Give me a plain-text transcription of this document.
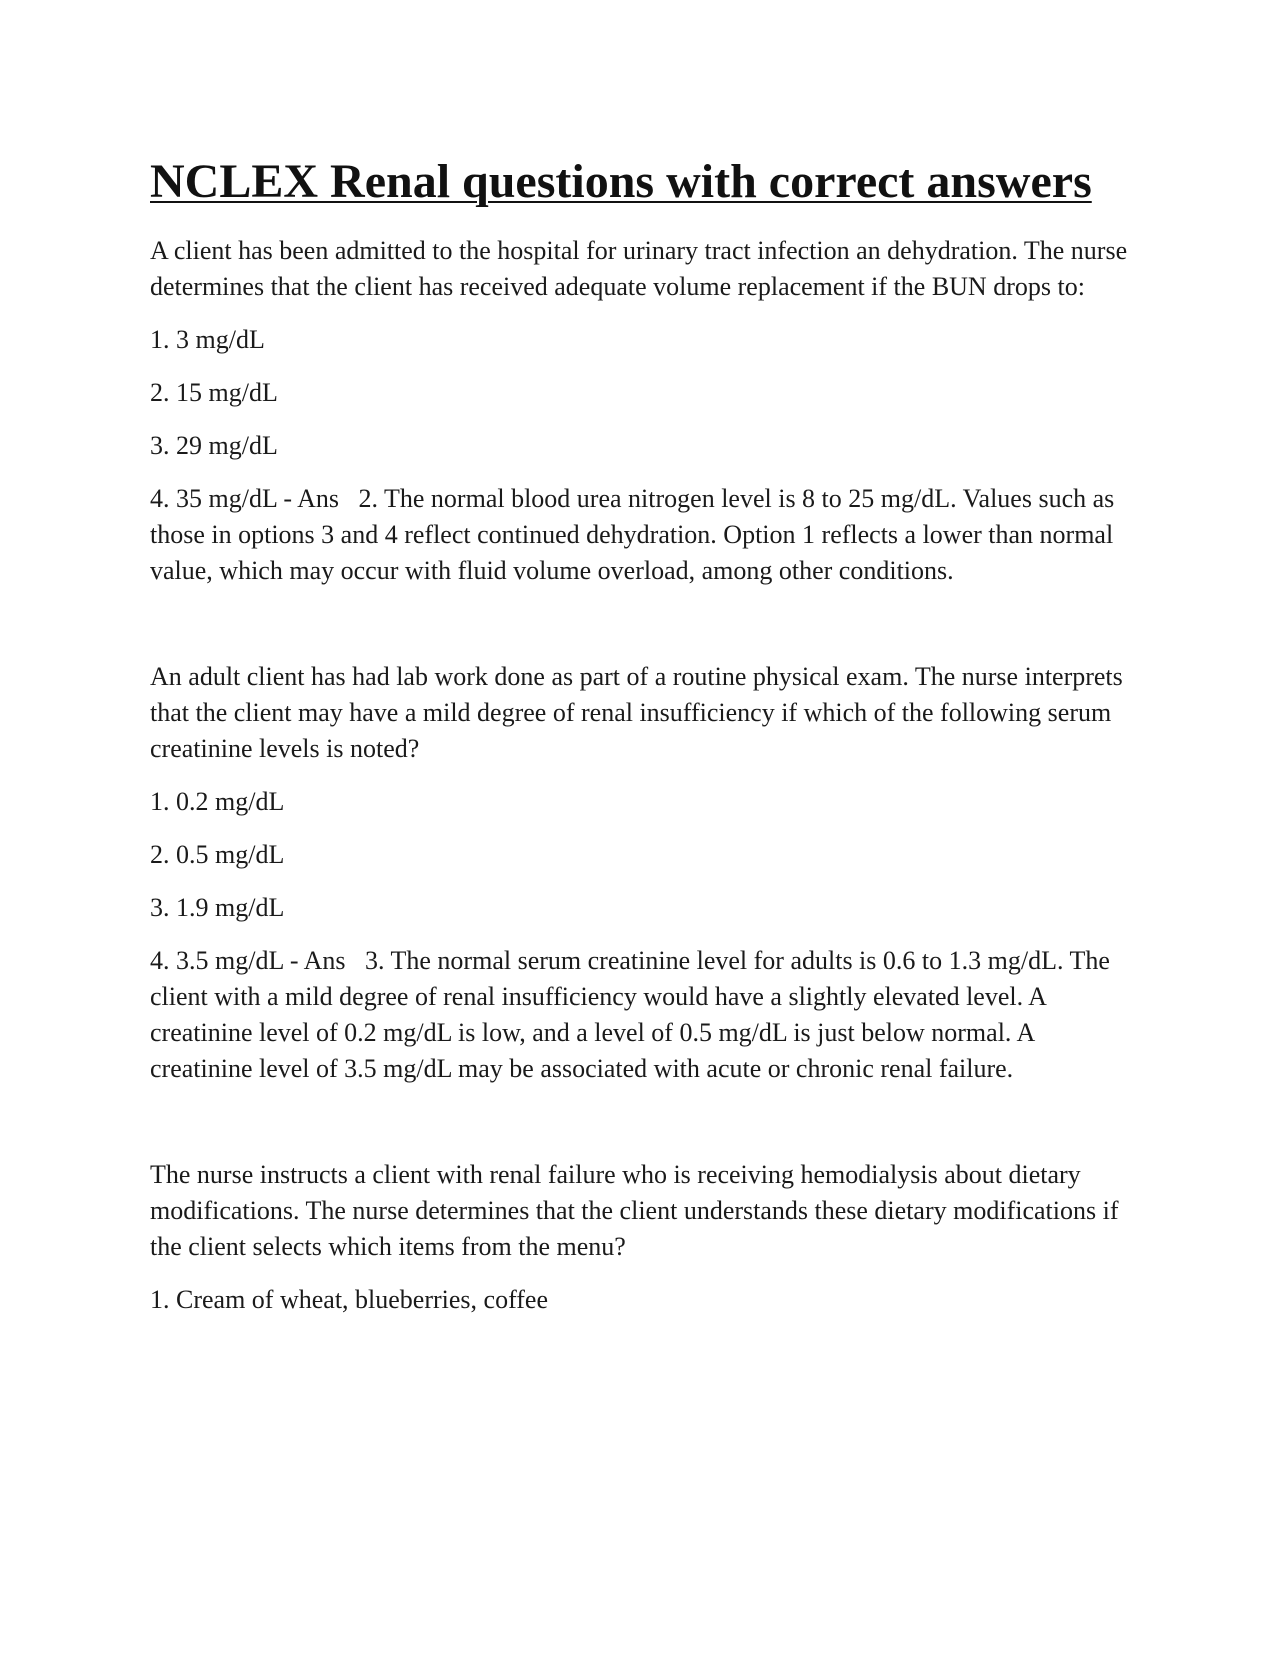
NCLEX Renal questions with correct answers

A client has been admitted to the hospital for urinary tract infection an dehydration. The nurse determines that the client has received adequate volume replacement if the BUN drops to:

1. 3 mg/dL

2. 15 mg/dL

3. 29 mg/dL

4. 35 mg/dL - Ans   2. The normal blood urea nitrogen level is 8 to 25 mg/dL. Values such as those in options 3 and 4 reflect continued dehydration. Option 1 reflects a lower than normal value, which may occur with fluid volume overload, among other conditions.

An adult client has had lab work done as part of a routine physical exam. The nurse interprets that the client may have a mild degree of renal insufficiency if which of the following serum creatinine levels is noted?

1. 0.2 mg/dL

2. 0.5 mg/dL

3. 1.9 mg/dL

4. 3.5 mg/dL - Ans   3. The normal serum creatinine level for adults is 0.6 to 1.3 mg/dL. The client with a mild degree of renal insufficiency would have a slightly elevated level. A creatinine level of 0.2 mg/dL is low, and a level of 0.5 mg/dL is just below normal. A creatinine level of 3.5 mg/dL may be associated with acute or chronic renal failure.

The nurse instructs a client with renal failure who is receiving hemodialysis about dietary modifications. The nurse determines that the client understands these dietary modifications if the client selects which items from the menu?

1. Cream of wheat, blueberries, coffee
